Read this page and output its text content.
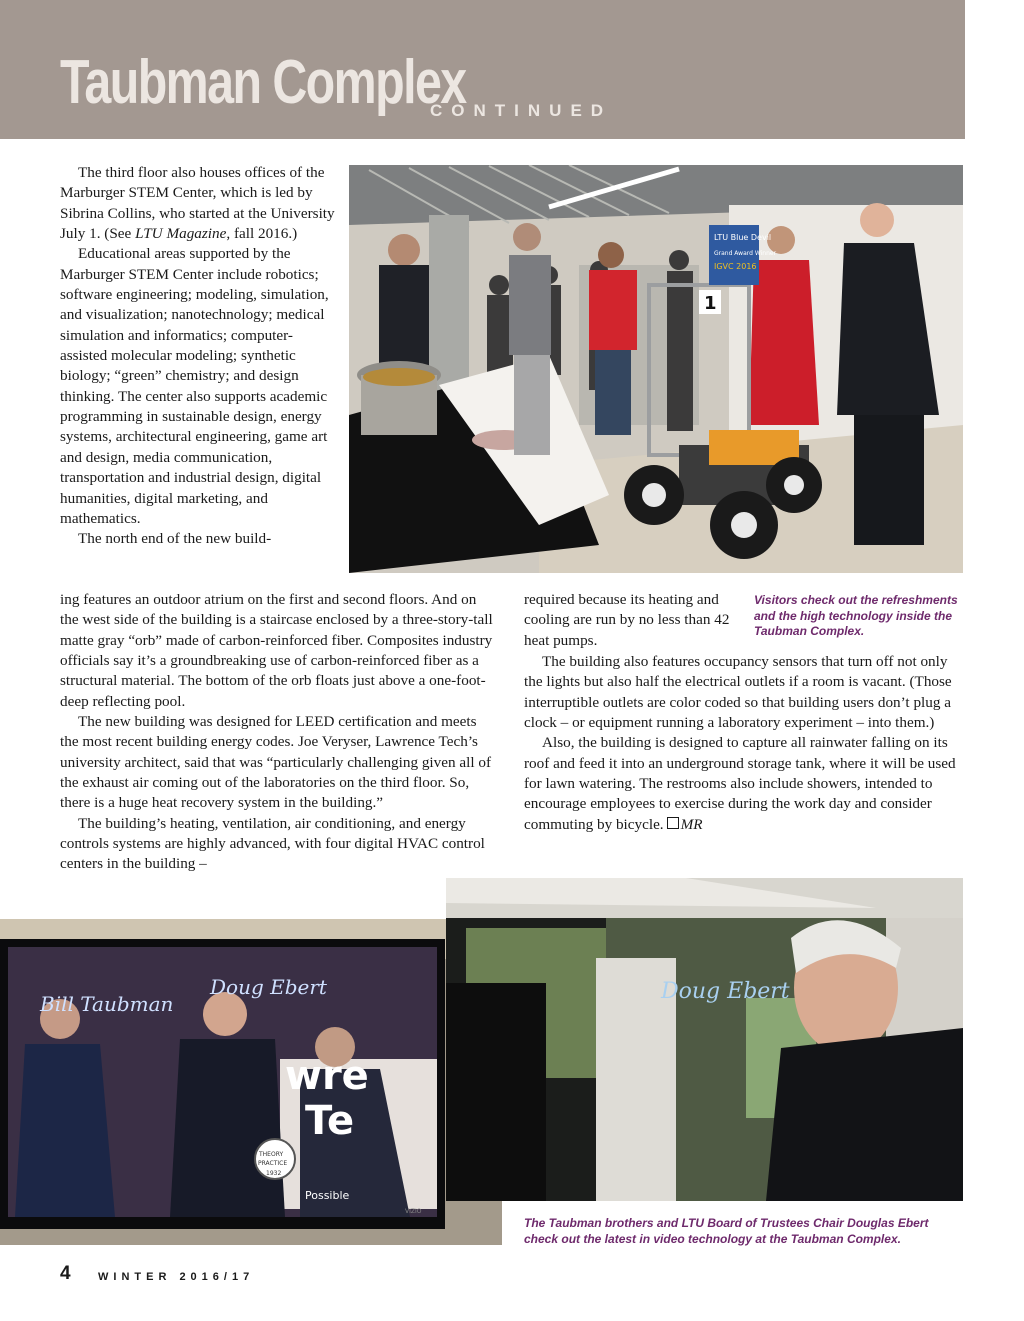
Taubman Complex
CONTINUED

The third floor also houses offices of the Marburger STEM Center, which is led by Sibrina Collins, who started at the University July 1. (See LTU Magazine, fall 2016.)

Educational areas supported by the Marburger STEM Center include robotics; software engineering; modeling, simulation, and visualization; nanotechnology; medical simulation and informatics; computer-assisted molecular modeling; synthetic biology; “green” chemistry; and design thinking. The center also supports academic programming in sustainable design, energy systems, architectural engineering, game art and design, media communication, transportation and industrial design, digital humanities, digital marketing, and mathematics.

The north end of the new build-

ing features an outdoor atrium on the first and second floors. And on the west side of the building is a staircase enclosed by a three-story-tall matte gray “orb” made of carbon-reinforced fiber. Composites industry officials say it’s a groundbreaking use of carbon-reinforced fiber as a structural material. The bottom of the orb floats just above a one-foot-deep reflecting pool.

The new building was designed for LEED certification and meets the most recent building energy codes. Joe Veryser, Lawrence Tech’s university architect, said that was “particularly challenging given all of the exhaust air coming out of the laboratories on the third floor. So, there is a huge heat recovery system in the building.”

The building’s heating, ventilation, air conditioning, and energy controls systems are highly advanced, with four digital HVAC control centers in the building –

required because its heating and cooling are run by no less than 42 heat pumps.

The building also features occupancy sensors that turn off not only the lights but also half the electrical outlets if a room is vacant. (Those interruptible outlets are color coded so that building users don’t plug a clock – or equipment running a laboratory experiment – into them.)

Also, the building is designed to capture all rainwater falling on its roof and feed it into an underground storage tank, where it will be used for lawn watering. The restrooms also include showers, intended to encourage employees to exercise during the work day and consider commuting by bicycle. MR

Visitors check out the refreshments and the high technology inside the Taubman Complex.
The Taubman brothers and LTU Board of Trustees Chair Douglas Ebert check out the latest in video technology at the Taubman Complex.
LTU Blue Devil
Grand Award Winner
IGVC 2016
1
Bill Taubman
Doug Ebert
THEORY
PRACTICE
1932
wre
Te
Possible
VIZIO
Doug Ebert
4 WINTER 2016/17
